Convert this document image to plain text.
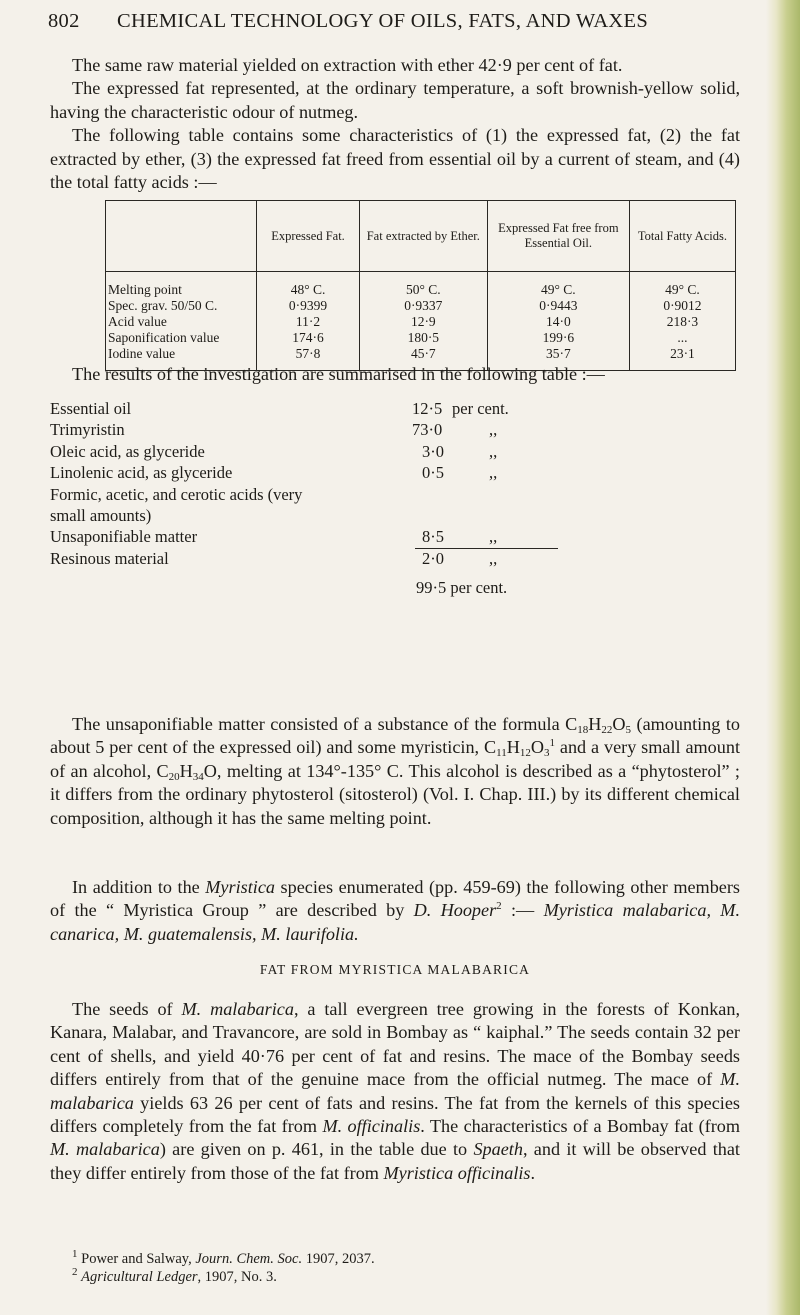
802 CHEMICAL TECHNOLOGY OF OILS, FATS, AND WAXES

The same raw material yielded on extraction with ether 42·9 per cent of fat.

The expressed fat represented, at the ordinary temperature, a soft brownish-yellow solid, having the characteristic odour of nutmeg.

The following table contains some characteristics of (1) the expressed fat, (2) the fat extracted by ether, (3) the expressed fat freed from essential oil by a current of steam, and (4) the total fatty acids :—

	Expressed Fat.	Fat extracted by Ether.	Expressed Fat free from Essential Oil.	Total Fatty Acids.
Melting point	48° C.	50° C.	49° C.	49° C.
Spec. grav. 50/50 C.	0·9399	0·9337	0·9443	0·9012
Acid value	11·2	12·9	14·0	218·3
Saponification value	174·6	180·5	199·6	...
Iodine value	57·8	45·7	35·7	23·1

The results of the investigation are summarised in the following table :—

Essential oil	12·5 per cent.
Trimyristin	73·0	,,
Oleic acid, as glyceride	3·0	,,
Linolenic acid, as glyceride	0·5	,,
Formic, acetic, and cerotic acids (very
small amounts)
Unsaponifiable matter	8·5	,,
Resinous material	2·0	,,
99·5 per cent.

The unsaponifiable matter consisted of a substance of the formula $C_{18}H_{22}O_5$ (amounting to about 5 per cent of the expressed oil) and some myristicin, $C_{11}H_{12}O_3^1$ and a very small amount of an alcohol, $C_{20}H_{34}O$, melting at 134°-135° C. This alcohol is described as a “phytosterol” ; it differs from the ordinary phytosterol (sitosterol) (Vol. I. Chap. III.) by its different chemical composition, although it has the same melting point.

In addition to the Myristica species enumerated (pp. 459-69) the following other members of the “ Myristica Group ” are described by D. Hooper$^2$ :— Myristica malabarica, M. canarica, M. guatemalensis, M. laurifolia.

FAT FROM MYRISTICA MALABARICA

The seeds of M. malabarica, a tall evergreen tree growing in the forests of Konkan, Kanara, Malabar, and Travancore, are sold in Bombay as “ kaiphal.” The seeds contain 32 per cent of shells, and yield 40·76 per cent of fat and resins. The mace of the Bombay seeds differs entirely from that of the genuine mace from the official nutmeg. The mace of M. malabarica yields 63 26 per cent of fats and resins. The fat from the kernels of this species differs completely from the fat from M. officinalis. The characteristics of a Bombay fat (from M. malabarica) are given on p. 461, in the table due to Spaeth, and it will be observed that they differ entirely from those of the fat from Myristica officinalis.

$^1$ Power and Salway, Journ. Chem. Soc. 1907, 2037.
$^2$ Agricultural Ledger, 1907, No. 3.
